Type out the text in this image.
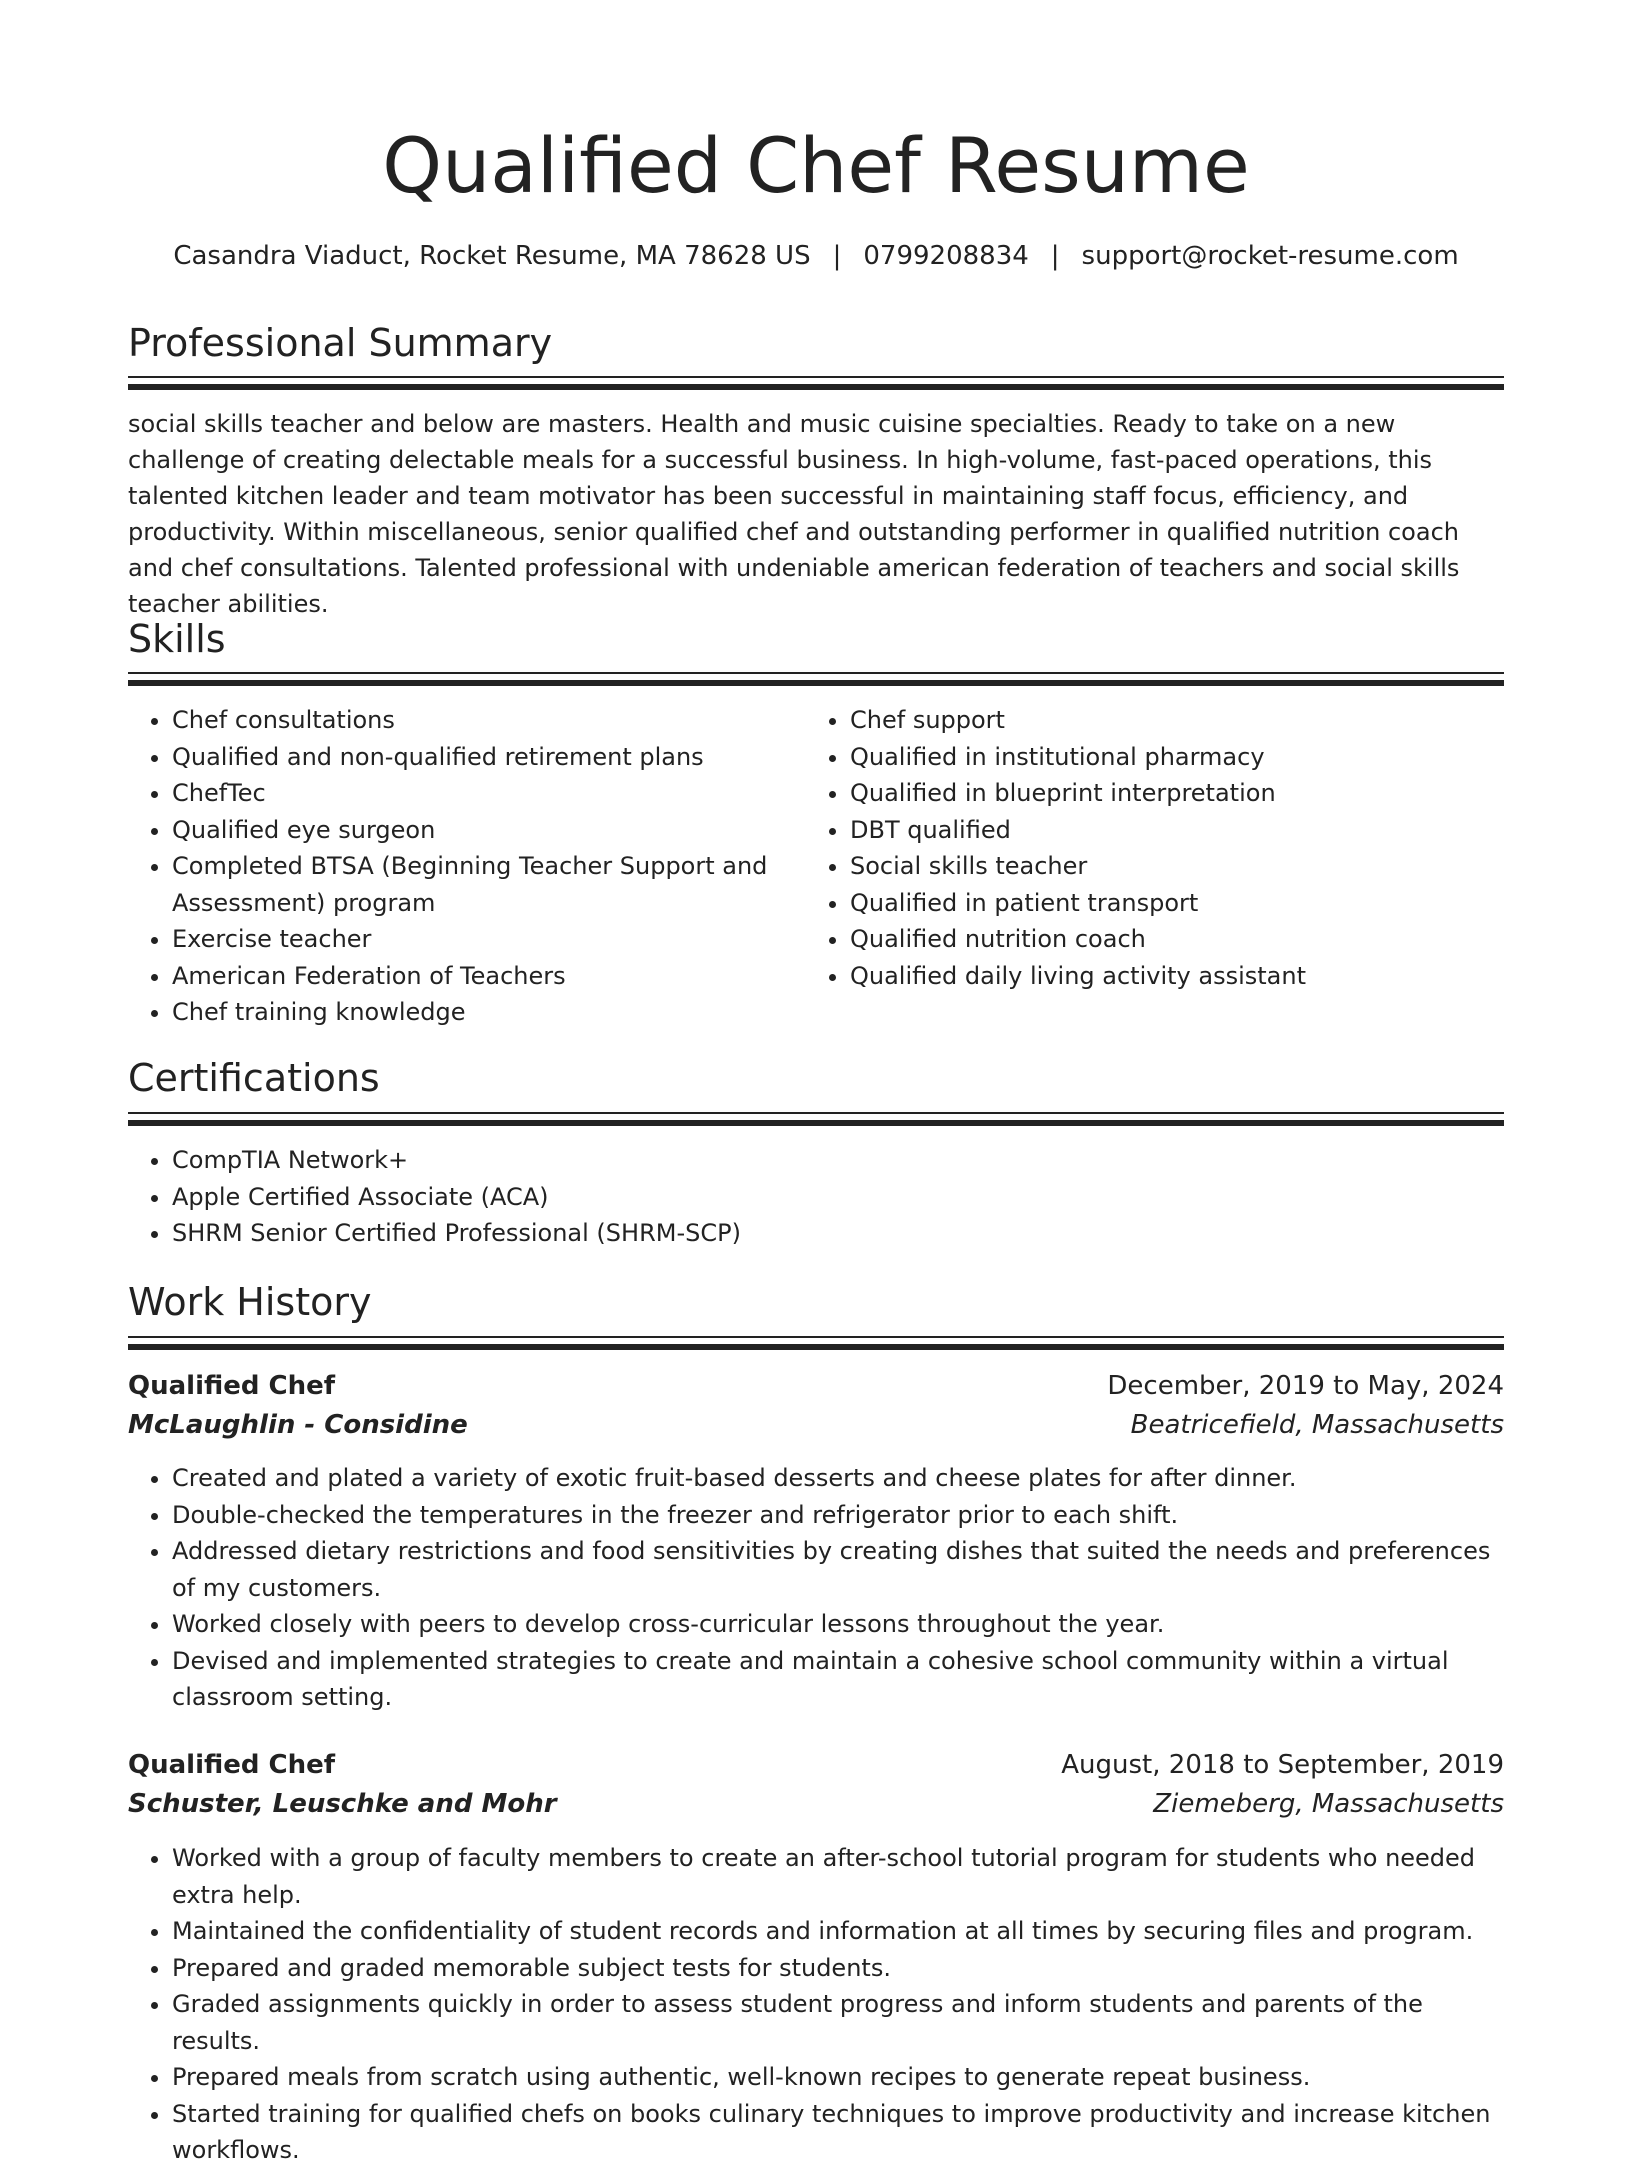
Qualified Chef Resume
Casandra Viaduct, Rocket Resume, MA 78628 US | 0799208834 | support@rocket-resume.com
Professional Summary

social skills teacher and below are masters. Health and music cuisine specialties. Ready to take on a new challenge of creating delectable meals for a successful business. In high-volume, fast-paced operations, this talented kitchen leader and team motivator has been successful in maintaining staff focus, efficiency, and productivity. Within miscellaneous, senior qualified chef and outstanding performer in qualified nutrition coach and chef consultations. Talented professional with undeniable american federation of teachers and social skills teacher abilities.

Skills
• Chef consultations
• Qualified and non-qualified retirement plans
• ChefTec
• Qualified eye surgeon
• Completed BTSA (Beginning Teacher Support and Assessment) program
• Exercise teacher
• American Federation of Teachers
• Chef training knowledge
• Chef support
• Qualified in institutional pharmacy
• Qualified in blueprint interpretation
• DBT qualified
• Social skills teacher
• Qualified in patient transport
• Qualified nutrition coach
• Qualified daily living activity assistant
Certifications
• CompTIA Network+
• Apple Certified Associate (ACA)
• SHRM Senior Certified Professional (SHRM-SCP)
Work History
Qualified Chef	December, 2019 to May, 2024
McLaughlin - Considine	Beatricefield, Massachusetts
• Created and plated a variety of exotic fruit-based desserts and cheese plates for after dinner.
• Double-checked the temperatures in the freezer and refrigerator prior to each shift.
• Addressed dietary restrictions and food sensitivities by creating dishes that suited the needs and preferences of my customers.
• Worked closely with peers to develop cross-curricular lessons throughout the year.
• Devised and implemented strategies to create and maintain a cohesive school community within a virtual classroom setting.
Qualified Chef	August, 2018 to September, 2019
Schuster, Leuschke and Mohr	Ziemeberg, Massachusetts
• Worked with a group of faculty members to create an after-school tutorial program for students who needed extra help.
• Maintained the confidentiality of student records and information at all times by securing files and program.
• Prepared and graded memorable subject tests for students.
• Graded assignments quickly in order to assess student progress and inform students and parents of the results.
• Prepared meals from scratch using authentic, well-known recipes to generate repeat business.
• Started training for qualified chefs on books culinary techniques to improve productivity and increase kitchen workflows.
